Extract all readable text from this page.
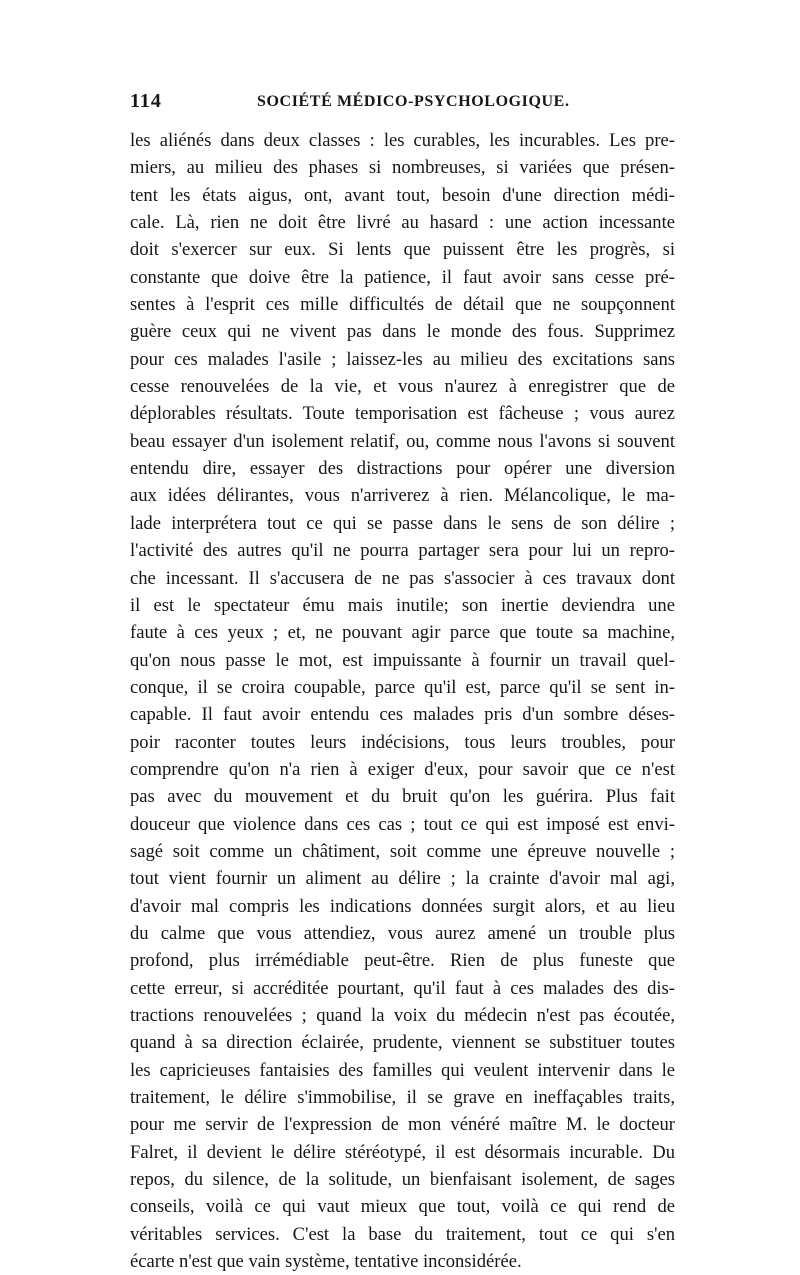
114	SOCIÉTÉ MÉDICO-PSYCHOLOGIQUE.
les aliénés dans deux classes : les curables, les incurables. Les pre-
miers, au milieu des phases si nombreuses, si variées que présen-
tent les états aigus, ont, avant tout, besoin d'une direction médi-
cale. Là, rien ne doit être livré au hasard : une action incessante
doit s'exercer sur eux. Si lents que puissent être les progrès, si
constante que doive être la patience, il faut avoir sans cesse pré-
sentes à l'esprit ces mille difficultés de détail que ne soupçonnent
guère ceux qui ne vivent pas dans le monde des fous. Supprimez
pour ces malades l'asile ; laissez-les au milieu des excitations sans
cesse renouvelées de la vie, et vous n'aurez à enregistrer que de
déplorables résultats. Toute temporisation est fâcheuse ; vous aurez
beau essayer d'un isolement relatif, ou, comme nous l'avons si souvent
entendu dire, essayer des distractions pour opérer une diversion
aux idées délirantes, vous n'arriverez à rien. Mélancolique, le ma-
lade interprétera tout ce qui se passe dans le sens de son délire ;
l'activité des autres qu'il ne pourra partager sera pour lui un repro-
che incessant. Il s'accusera de ne pas s'associer à ces travaux dont
il est le spectateur ému mais inutile; son inertie deviendra une
faute à ces yeux ; et, ne pouvant agir parce que toute sa machine,
qu'on nous passe le mot, est impuissante à fournir un travail quel-
conque, il se croira coupable, parce qu'il est, parce qu'il se sent in-
capable. Il faut avoir entendu ces malades pris d'un sombre déses-
poir raconter toutes leurs indécisions, tous leurs troubles, pour
comprendre qu'on n'a rien à exiger d'eux, pour savoir que ce n'est
pas avec du mouvement et du bruit qu'on les guérira. Plus fait
douceur que violence dans ces cas ; tout ce qui est imposé est envi-
sagé soit comme un châtiment, soit comme une épreuve nouvelle ;
tout vient fournir un aliment au délire ; la crainte d'avoir mal agi,
d'avoir mal compris les indications données surgit alors, et au lieu
du calme que vous attendiez, vous aurez amené un trouble plus
profond, plus irrémédiable peut-être. Rien de plus funeste que
cette erreur, si accréditée pourtant, qu'il faut à ces malades des dis-
tractions renouvelées ; quand la voix du médecin n'est pas écoutée,
quand à sa direction éclairée, prudente, viennent se substituer toutes
les capricieuses fantaisies des familles qui veulent intervenir dans le
traitement, le délire s'immobilise, il se grave en ineffaçables traits,
pour me servir de l'expression de mon vénéré maître M. le docteur
Falret, il devient le délire stéréotypé, il est désormais incurable. Du
repos, du silence, de la solitude, un bienfaisant isolement, de sages
conseils, voilà ce qui vaut mieux que tout, voilà ce qui rend de
véritables services. C'est la base du traitement, tout ce qui s'en
écarte n'est que vain système, tentative inconsidérée.
